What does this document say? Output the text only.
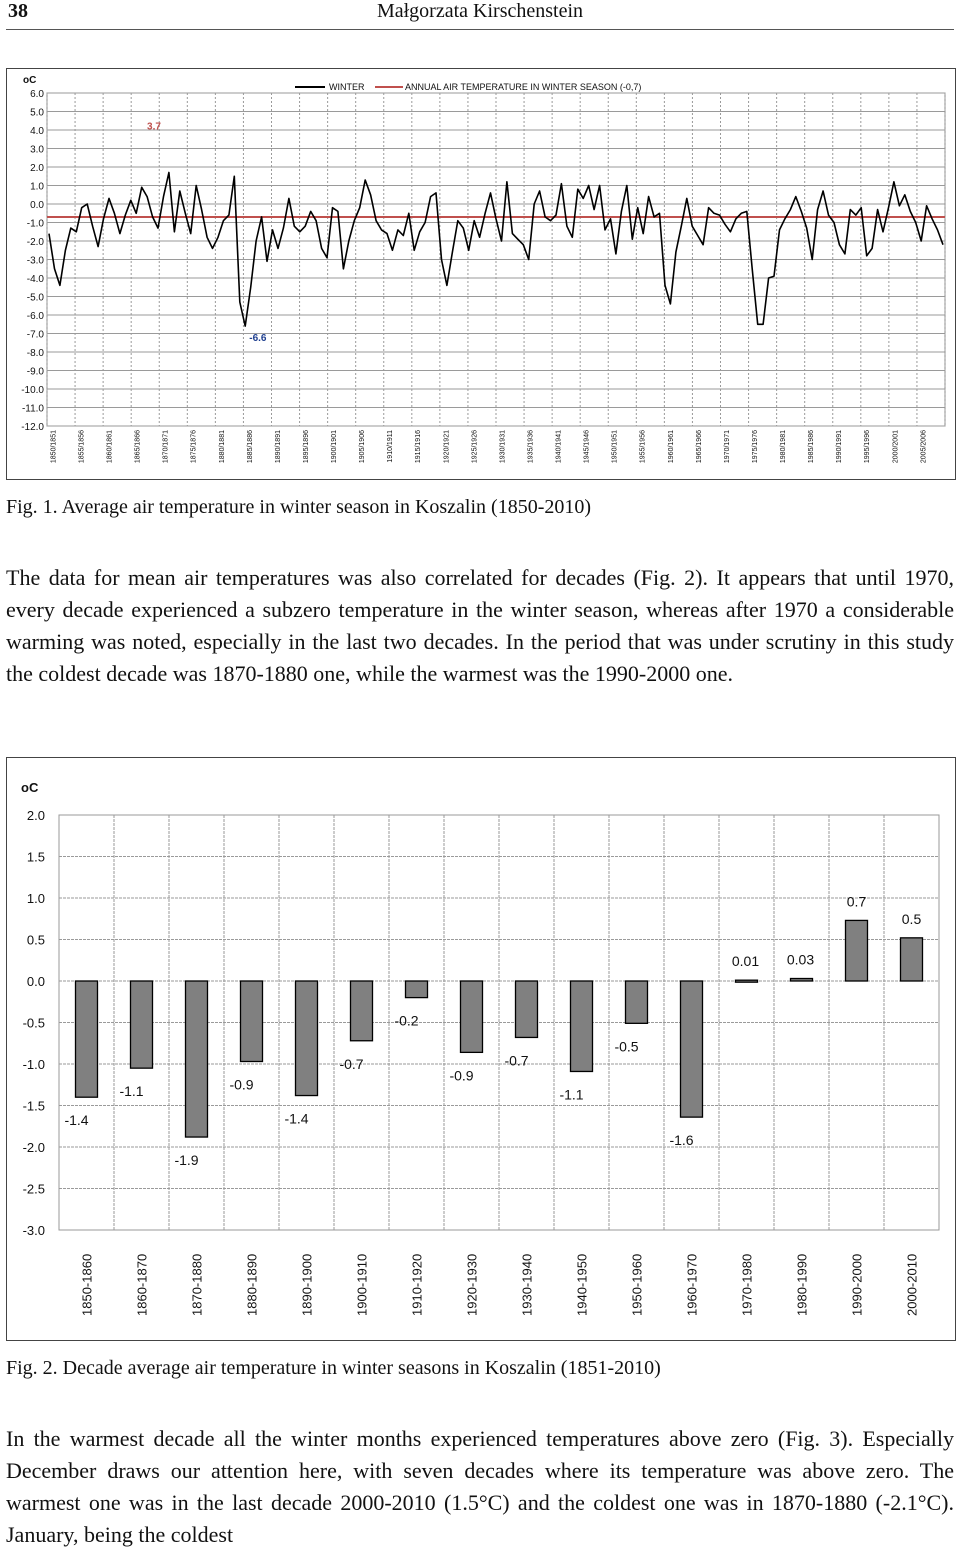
38	Małgorzata Kirschenstein
6.0
5.0
4.0
3.0
2.0
1.0
0.0
-1.0
-2.0
-3.0
-4.0
-5.0
-6.0
-7.0
-8.0
-9.0
-10.0
-11.0
-12.0
oC
1850/1851	1855/1856	1860/1861	1865/1866	1870/1871	1875/1876	1880/1881	1885/1886	1890/1891	1895/1896	1900/1901	1905/1906	1910/1911	1915/1916	1920/1921	1925/1926	1930/1931	1935/1936	1940/1941	1945/1946	1950/1951	1955/1956	1960/1961	1965/1966	1970/1971	1975/1976	1980/1981	1985/1986	1990/1991	1995/1996	2000/2001	2005/2006
3.7
-6.6
WINTER	ANNUAL AIR TEMPERATURE IN WINTER SEASON (-0,7)
Fig. 1. Average air temperature in winter season in Koszalin (1850-2010)
The data for mean air temperatures was also correlated for decades (Fig. 2). It appears that until 1970, every decade experienced a subzero temperature in the winter season, whereas after 1970 a considerable warming was noted, especially in the last two decades. In the period that was under scrutiny in this study the coldest decade was 1870-1880 one, while the warmest was the 1990-2000 one.
2.0
1.5
1.0
0.5
0.0
-0.5
-1.0
-1.5
-2.0
-2.5
-3.0
oC
-1.4
1850-1860
-1.1
1860-1870
-1.9
1870-1880
-0.9
1880-1890
-1.4
1890-1900
-0.7
1900-1910
-0.2
1910-1920
-0.9
1920-1930
-0.7
1930-1940
-1.1
1940-1950
-0.5
1950-1960
-1.6
1960-1970
0.01
1970-1980
0.03
1980-1990
0.7
1990-2000
0.5
2000-2010
Fig. 2. Decade average air temperature in winter seasons in Koszalin (1851-2010)
In the warmest decade all the winter months experienced temperatures above zero (Fig. 3). Especially December draws our attention here, with seven decades where its temperature was above zero. The warmest one was in the last decade 2000-2010 (1.5°C) and the coldest one was in 1870-1880 (-2.1°C). January, being the coldest
